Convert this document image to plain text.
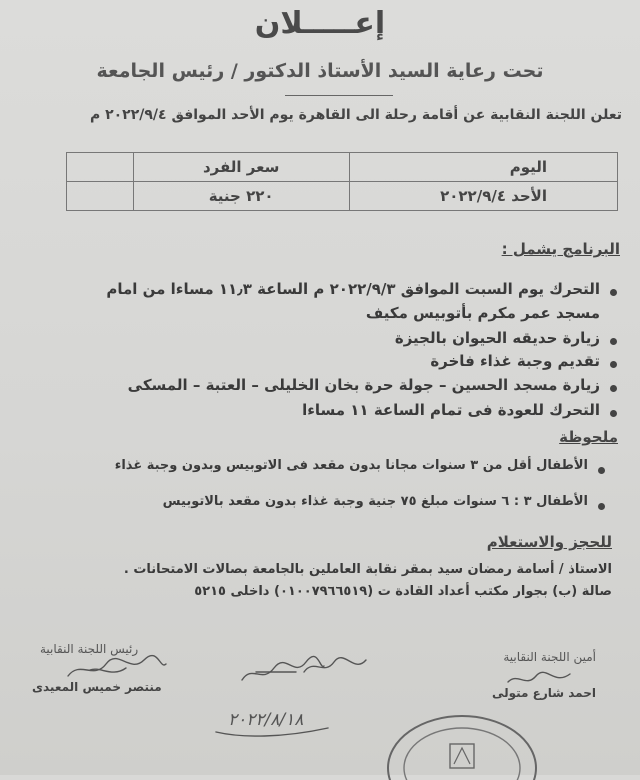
إعـــــلان
تحت رعاية السيد الأستاذ الدكتور / رئيس الجامعة
تعلن اللجنة النقابية عن أقامة رحلة الى القاهرة يوم الأحد الموافق ٢٠٢٢/٩/٤ م
اليوم	سعر الفرد	
الأحد ٢٠٢٢/٩/٤	٢٢٠ جنية	
البرنامج يشمل :
التحرك يوم السبت الموافق ٢٠٢٢/٩/٣ م الساعة ١١٫٣ مساءا من امام
مسجد عمر مكرم بأتوبيس مكيف
زيارة حديقه الحيوان بالجيزة
تقديم وجبة غذاء فاخرة
زيارة مسجد الحسين – جولة حرة بخان الخليلى – العتبة – المسكى
التحرك للعودة فى تمام الساعة ١١ مساءا
ملحوظة
الأطفال أقل من ٣ سنوات مجانا بدون مقعد فى الاتوبيس وبدون وجبة غذاء
الأطفال ٣ : ٦ سنوات مبلغ ٧٥ جنية وجبة غذاء بدون مقعد بالاتوبيس
للحجز والاستعلام
الاستاذ / أسامة رمضان سيد بمقر نقابة العاملين بالجامعة بصالات الامتحانات .
صالة (ب) بجوار مكتب أعداد القادة ت (٠١٠٠٧٩٦٦٥١٩) داخلى ٥٢١٥
أمين اللجنة النقابية
احمد شارع متولى
رئيس اللجنة النقابية
منتصر خميس المعيدى
٢٠٢٢/٨/١٨
